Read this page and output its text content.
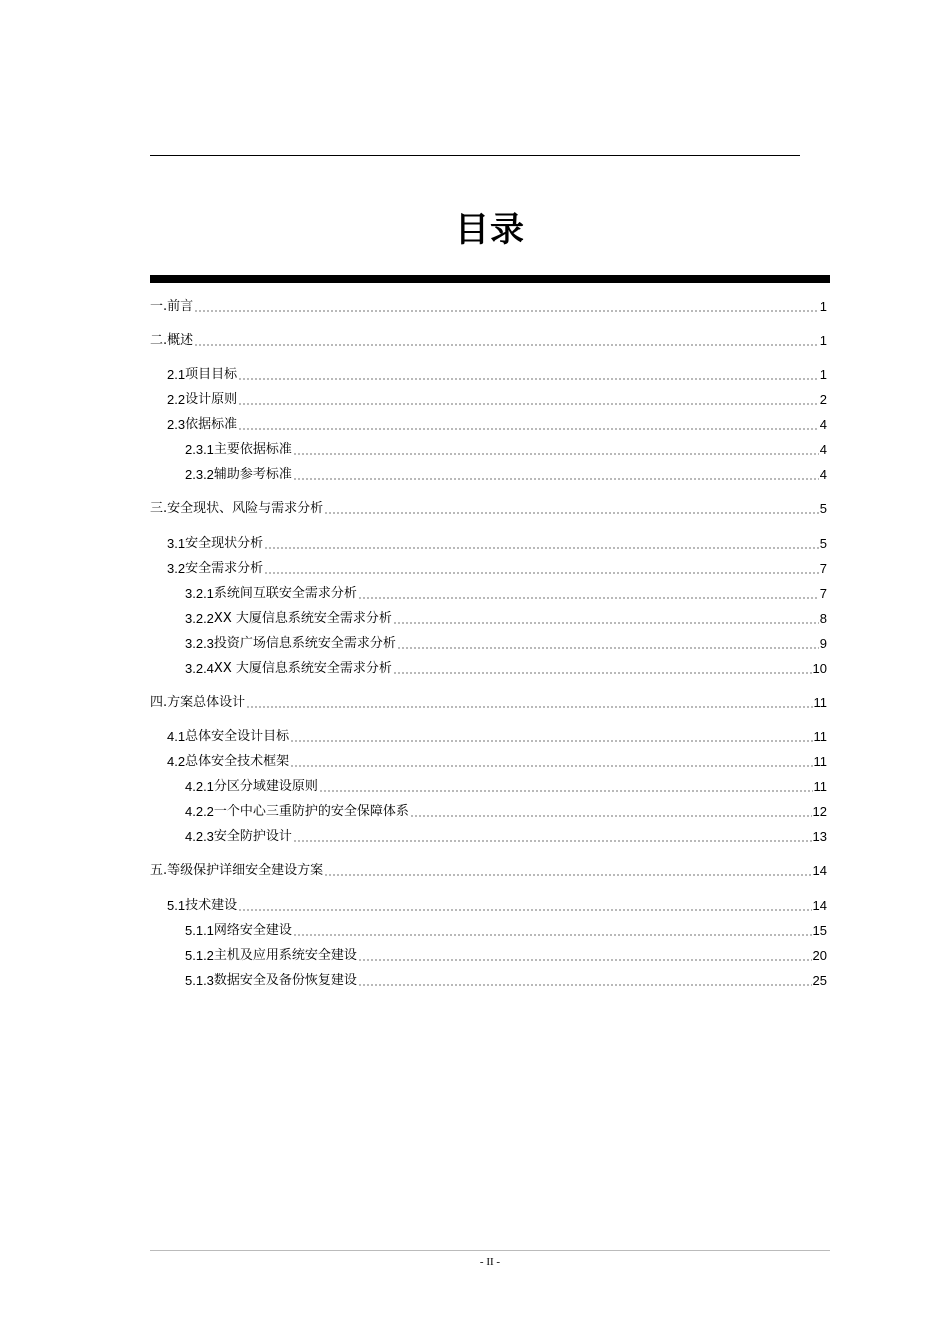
目录
一. 前言	1
二. 概述	1
2.1 项目目标	1
2.2 设计原则	2
2.3 依据标准	4
2.3.1 主要依据标准	4
2.3.2 辅助参考标准	4
三. 安全现状、风险与需求分析	5
3.1 安全现状分析	5
3.2 安全需求分析	7
3.2.1 系统间互联安全需求分析	7
3.2.2 XX 大厦信息系统安全需求分析	8
3.2.3 投资广场信息系统安全需求分析	9
3.2.4 XX 大厦信息系统安全需求分析	10
四. 方案总体设计	11
4.1 总体安全设计目标	11
4.2 总体安全技术框架	11
4.2.1 分区分域建设原则	11
4.2.2 一个中心三重防护的安全保障体系	12
4.2.3 安全防护设计	13
五. 等级保护详细安全建设方案	14
5.1 技术建设	14
5.1.1 网络安全建设	15
5.1.2 主机及应用系统安全建设	20
5.1.3 数据安全及备份恢复建设	25
- II -
